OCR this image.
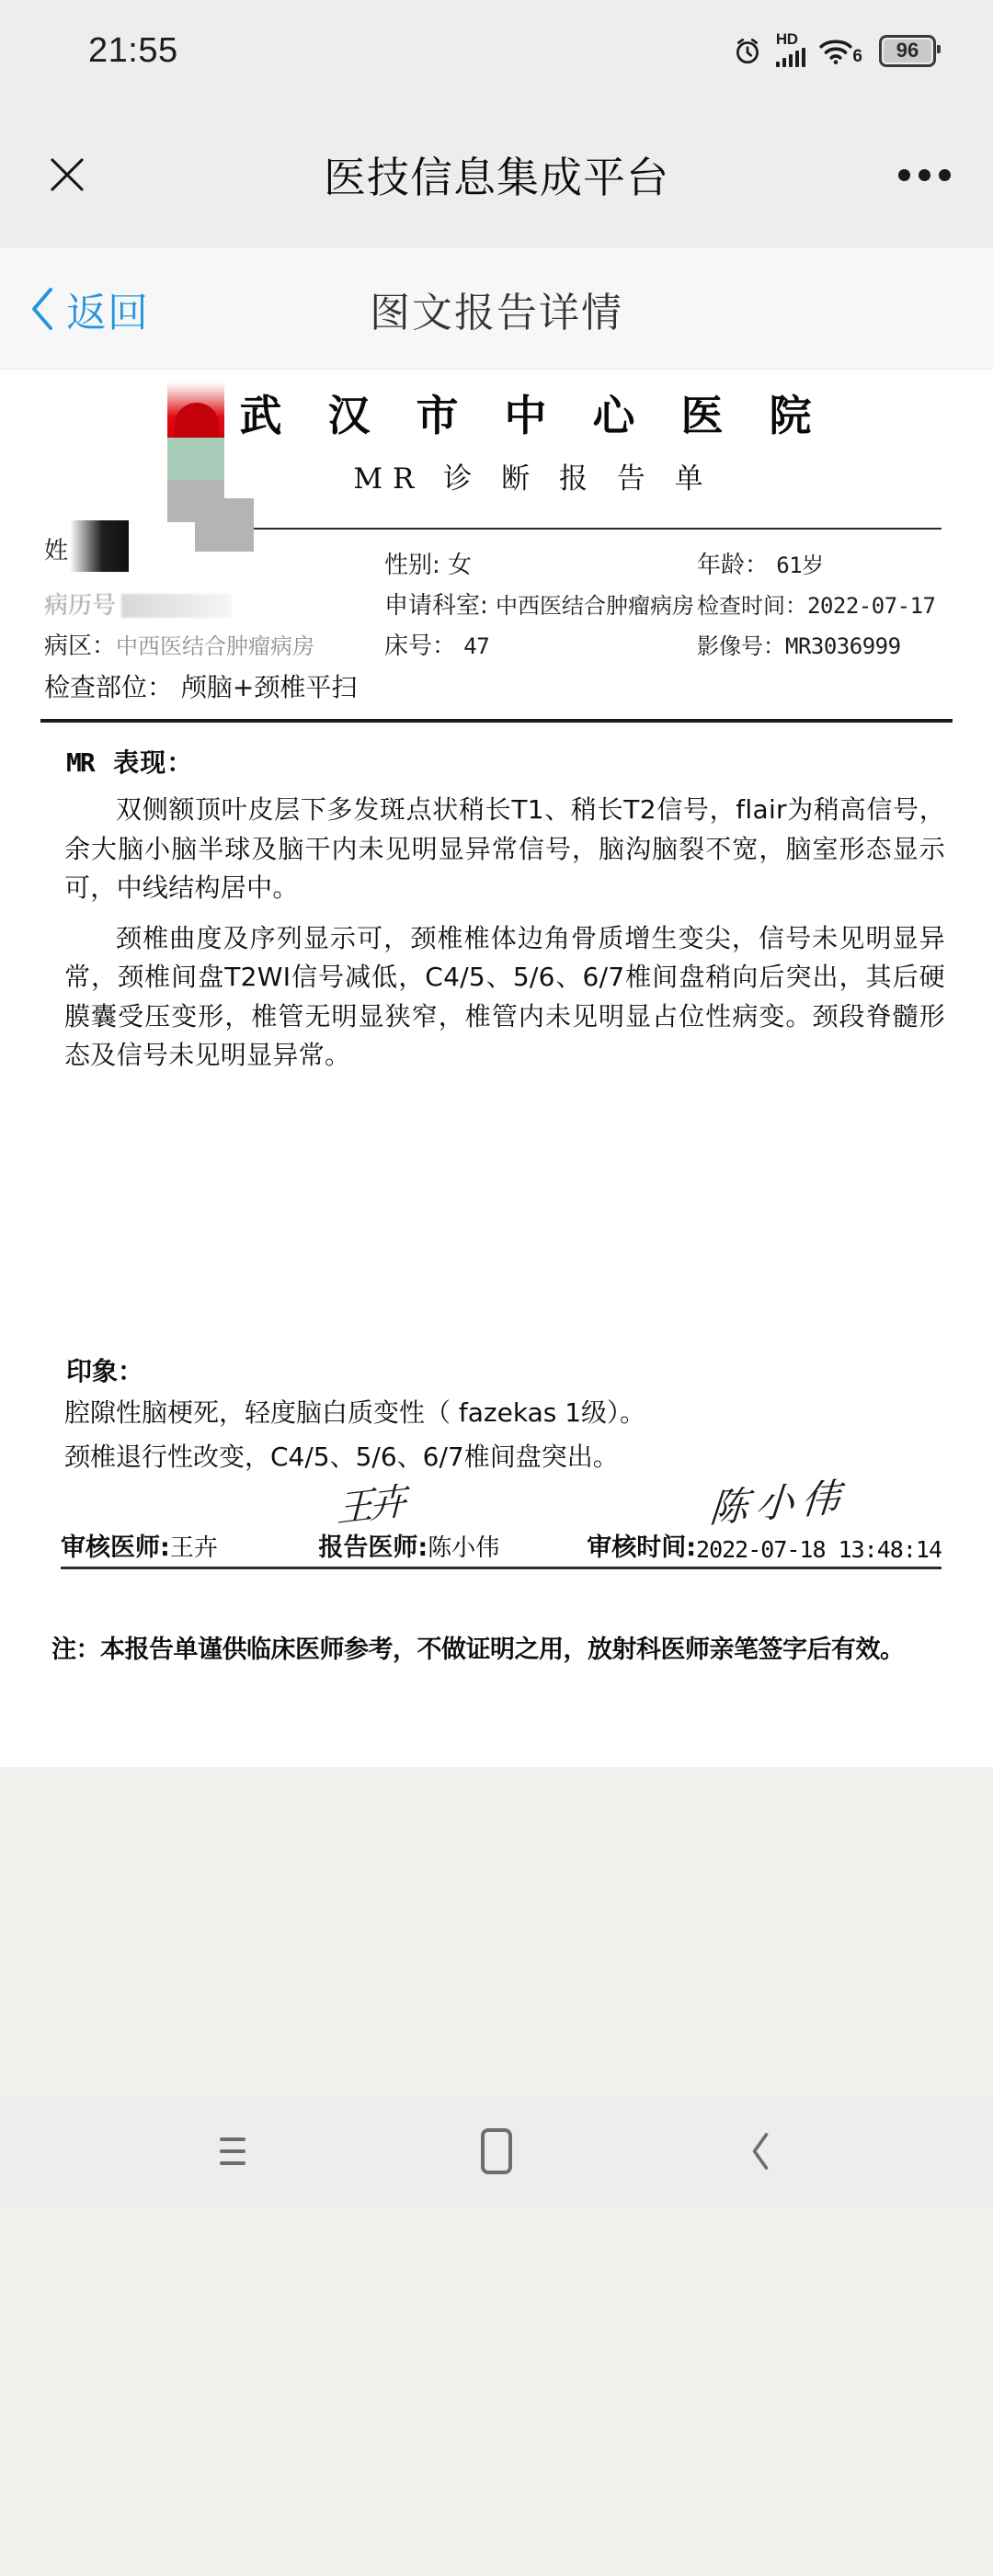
21:55	HD
6 96
医技信息集成平台
返回	图文报告详情
武 汉 市 中 心 医 院
MR 诊 断 报 告 单
姓
性别: 女	年龄： 61岁
病历号	申请科室: 中西医结合肿瘤病房 检查时间：2022-07-17
病区：中西医结合肿瘤病房	床号： 47	影像号：MR3036999
检查部位： 颅脑+颈椎平扫
MR 表现：
双侧额顶叶皮层下多发斑点状稍长T1、稍长T2信号，flair为稍高信号，余大脑小脑半球及脑干内未见明显异常信号，脑沟脑裂不宽，脑室形态显示可，中线结构居中。
颈椎曲度及序列显示可，颈椎椎体边角骨质增生变尖，信号未见明显异常，颈椎间盘T2WI信号减低，C4/5、5/6、6/7椎间盘稍向后突出，其后硬膜囊受压变形，椎管无明显狭窄，椎管内未见明显占位性病变。颈段脊髓形态及信号未见明显异常。
印象：
腔隙性脑梗死，轻度脑白质变性（ fazekas 1级）。
颈椎退行性改变，C4/5、5/6、6/7椎间盘突出。
审核医师: 王卉	报告医师: 陈小伟	审核时间: 2022-07-18 13:48:14
王卉	陈小伟
注：本报告单谨供临床医师参考，不做证明之用，放射科医师亲笔签字后有效。
